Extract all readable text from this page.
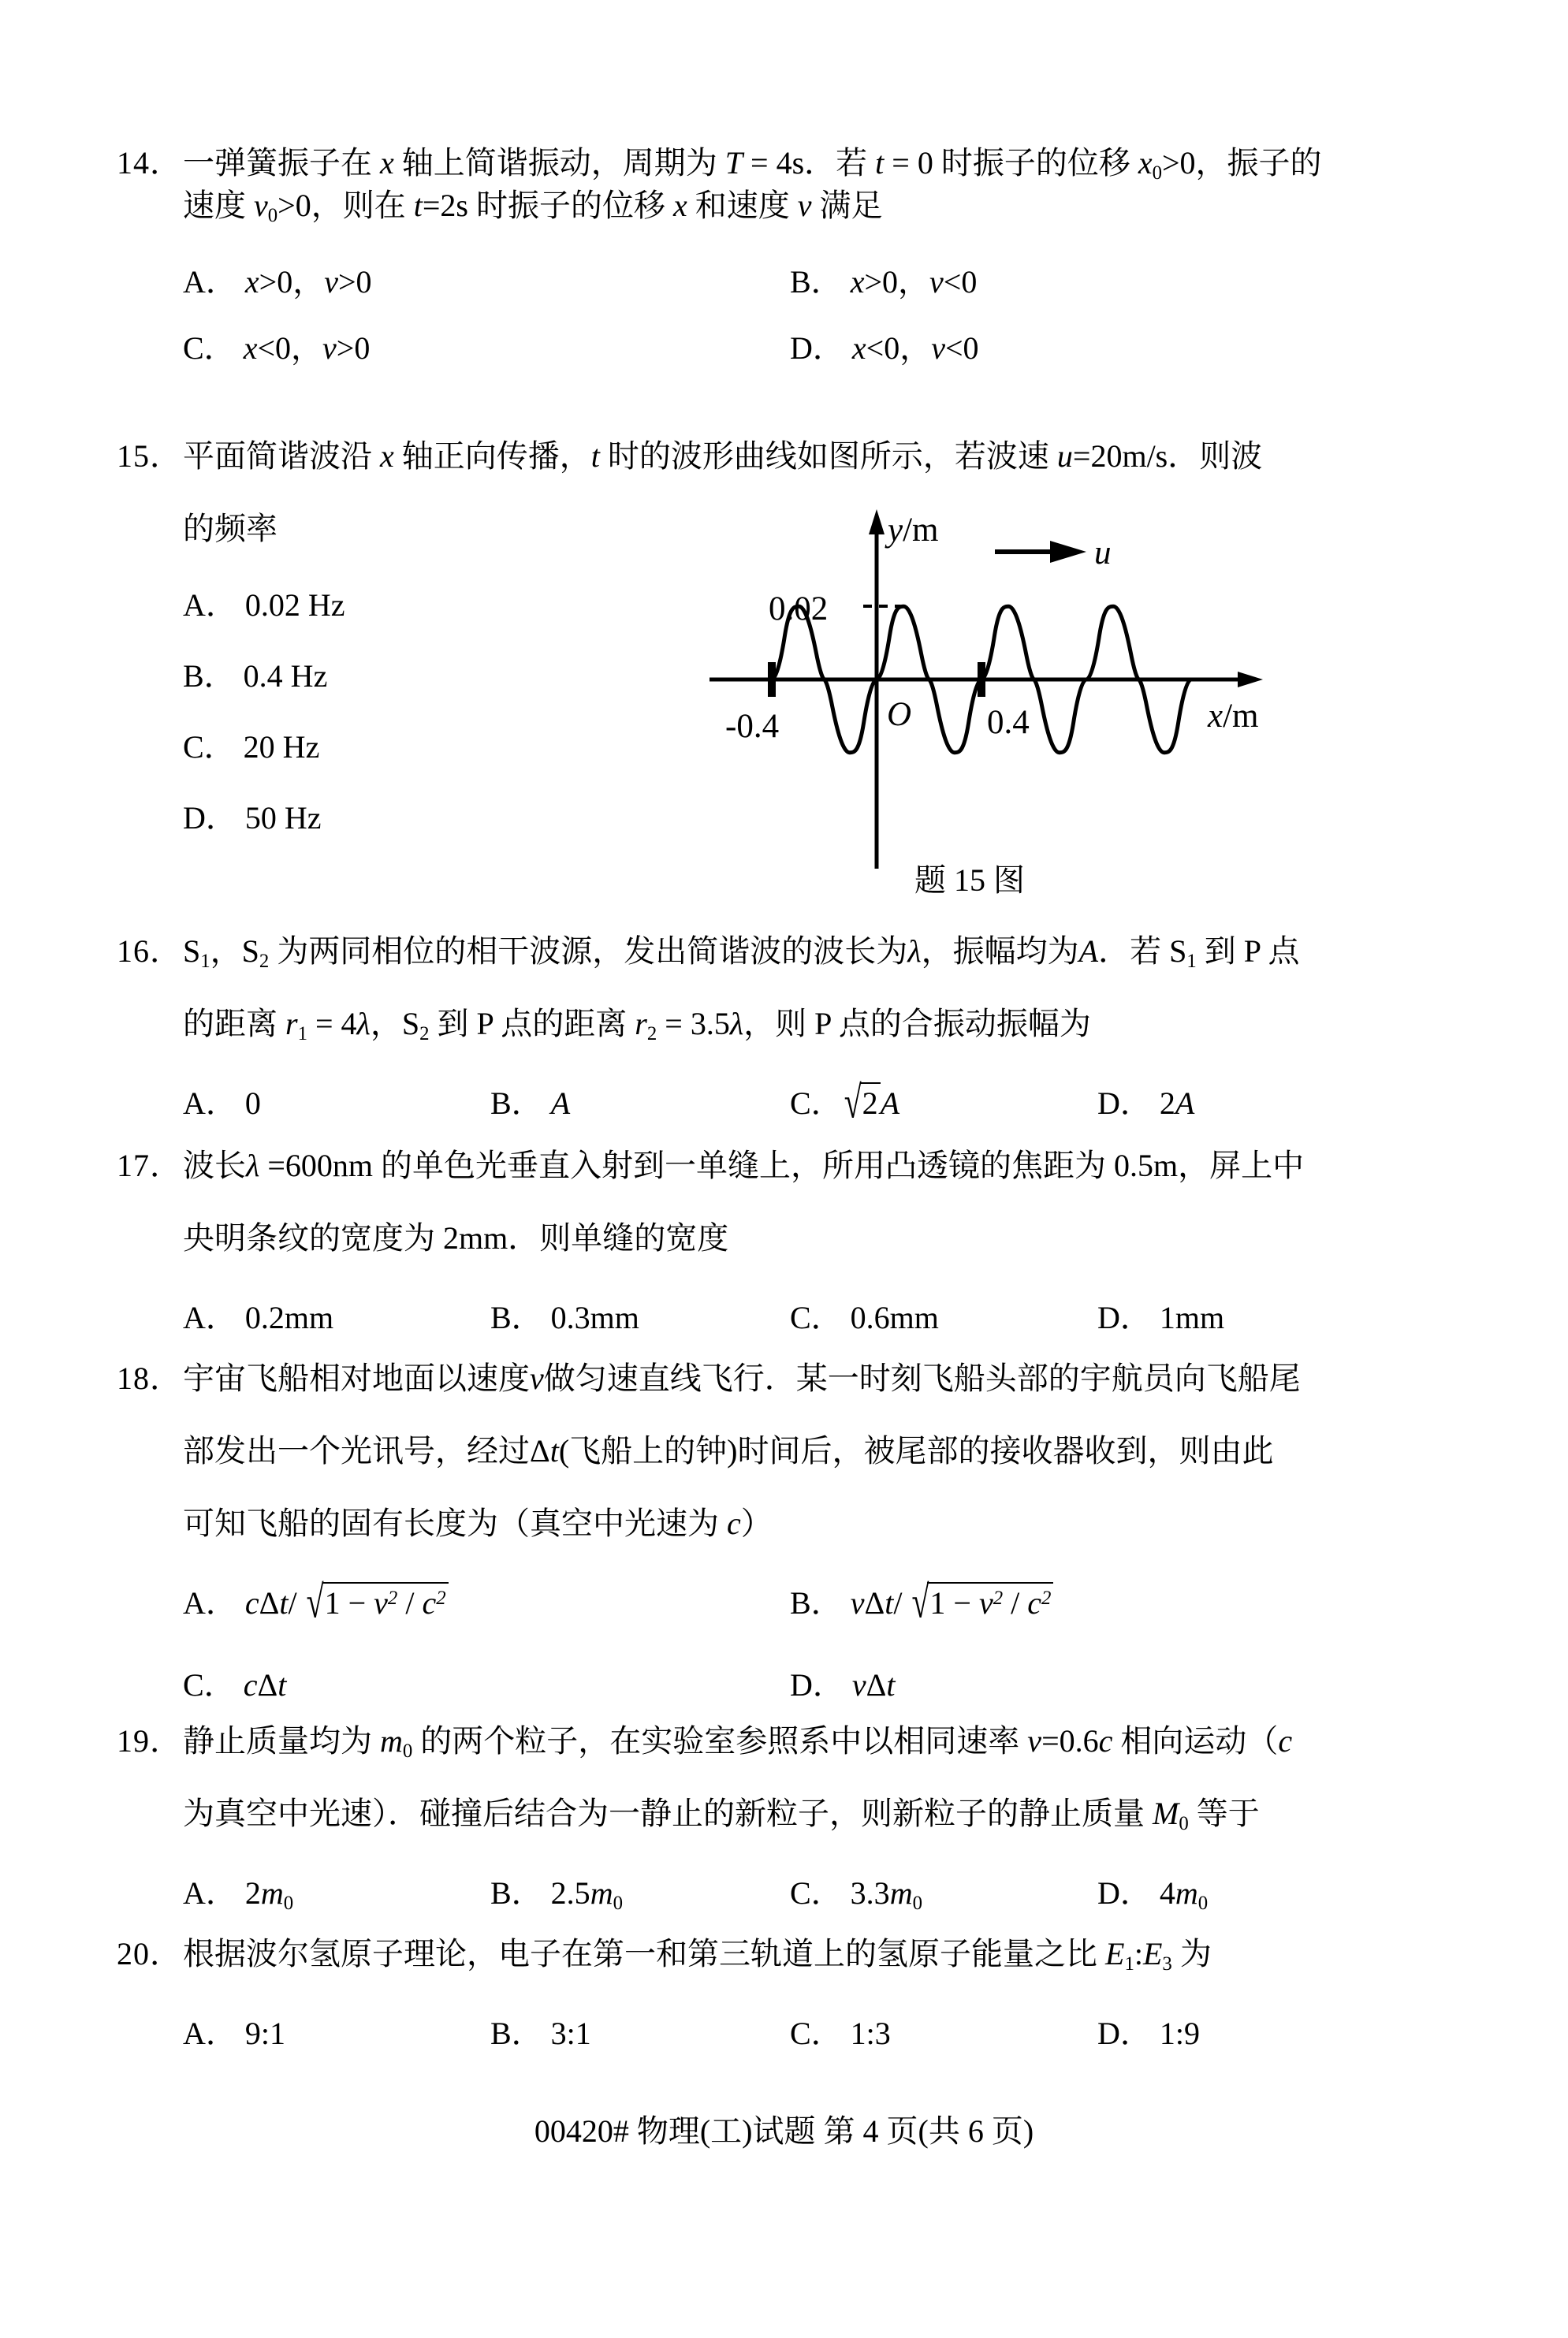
14． 一弹簧振子在 x 轴上简谐振动，周期为 T = 4s．若 t = 0 时振子的位移 $x_0>0$，振子的
速度 $v_0>0$，则在 t=2s 时振子的位移 x 和速度 v 满足
A． x>0，v>0	B． x>0，v<0
C． x<0，v>0	D． x<0，v<0
15． 平面简谐波沿 x 轴正向传播，t 时的波形曲线如图所示，若波速 u=20m/s．则波
的频率
A． 0.02 Hz
B． 0.4 Hz
C． 20 Hz
D． 50 Hz
y/m
x/m
O
0.02
-0.4	0.4
u
题 15 图
16． $S_1$，$S_2$ 为两同相位的相干波源，发出简谐波的波长为λ，振幅均为A．若 $S_1$ 到 P 点
的距离 $r_1 = 4\lambda$，$S_2$ 到 P 点的距离 $r_2 = 3.5\lambda$，则 P 点的合振动振幅为
A． 0	B． A	C．√2A	D． 2A
17． 波长λ =600nm 的单色光垂直入射到一单缝上，所用凸透镜的焦距为 0.5m，屏上中
央明条纹的宽度为 2mm．则单缝的宽度
A． 0.2mm	B． 0.3mm	C． 0.6mm	D． 1mm
18． 宇宙飞船相对地面以速度v做匀速直线飞行．某一时刻飞船头部的宇航员向飞船尾
部发出一个光讯号，经过Δt(飞船上的钟)时间后，被尾部的接收器收到，则由此
可知飞船的固有长度为（真空中光速为 c）
A． cΔt/ $√1 - v^2 / c^2$	B． vΔt/ $√1 - v^2 / c^2$
C． cΔt	D． vΔt
19． 静止质量均为 $m_0$ 的两个粒子，在实验室参照系中以相同速率 v=0.6c 相向运动（c
为真空中光速）．碰撞后结合为一静止的新粒子，则新粒子的静止质量 $M_0$ 等于
A． $2m_0$	B． $2.5m_0$	C． $3.3m_0$	D． $4m_0$
20． 根据波尔氢原子理论，电子在第一和第三轨道上的氢原子能量之比 $E_1:E_3$ 为
A． 9:1	B． 3:1	C． 1:3	D． 1:9
00420# 物理(工)试题 第 4 页(共 6 页)
